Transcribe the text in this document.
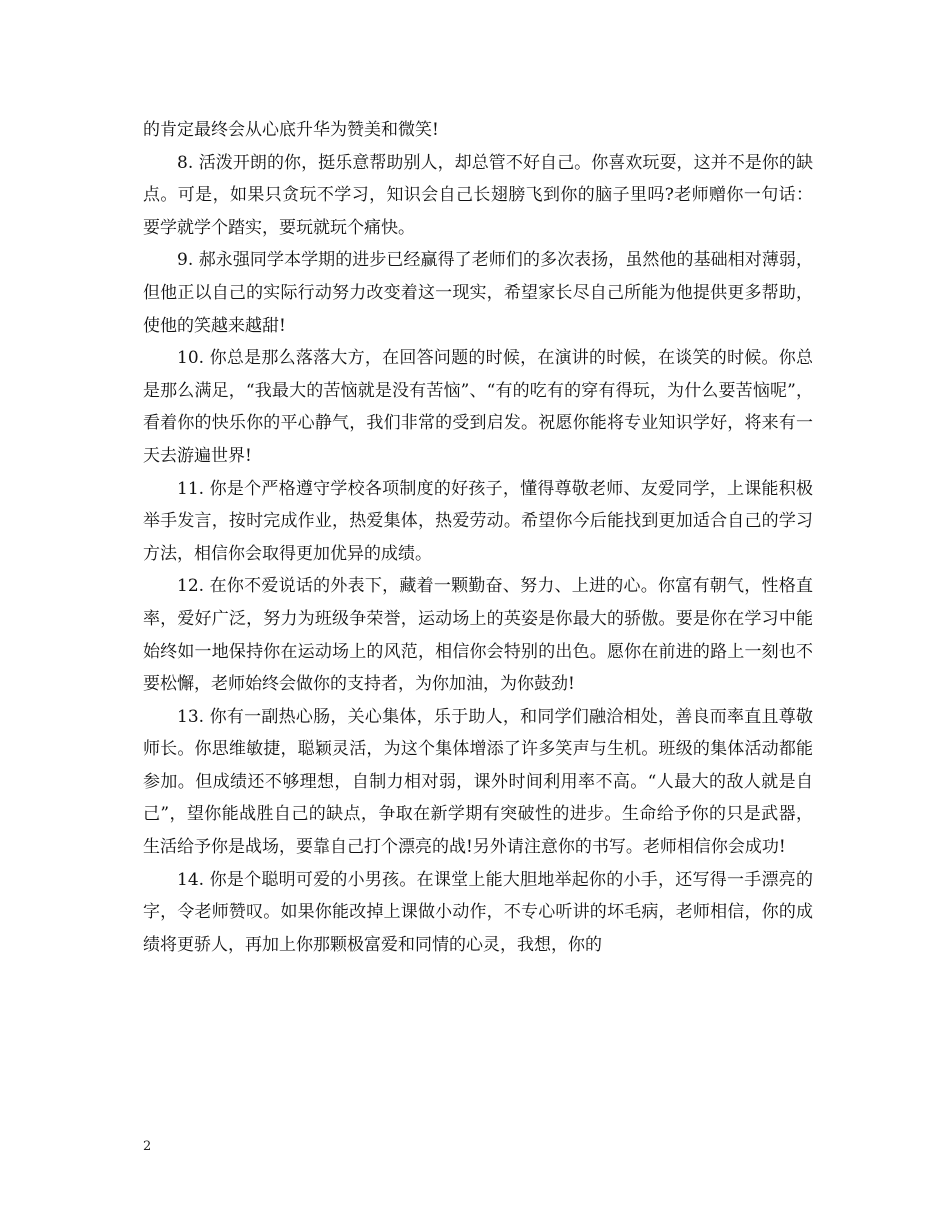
的肯定最终会从心底升华为赞美和微笑!

8. 活泼开朗的你，挺乐意帮助别人，却总管不好自己。你喜欢玩耍，这并不是你的缺点。可是，如果只贪玩不学习，知识会自己长翅膀飞到你的脑子里吗?老师赠你一句话：要学就学个踏实，要玩就玩个痛快。

9. 郝永强同学本学期的进步已经赢得了老师们的多次表扬，虽然他的基础相对薄弱，但他正以自己的实际行动努力改变着这一现实，希望家长尽自己所能为他提供更多帮助，使他的笑越来越甜!

10. 你总是那么落落大方，在回答问题的时候，在演讲的时候，在谈笑的时候。你总是那么满足，“我最大的苦恼就是没有苦恼”、“有的吃有的穿有得玩，为什么要苦恼呢”，看着你的快乐你的平心静气，我们非常的受到启发。祝愿你能将专业知识学好，将来有一天去游遍世界!

11. 你是个严格遵守学校各项制度的好孩子，懂得尊敬老师、友爱同学，上课能积极举手发言，按时完成作业，热爱集体，热爱劳动。希望你今后能找到更加适合自己的学习方法，相信你会取得更加优异的成绩。

12. 在你不爱说话的外表下，藏着一颗勤奋、努力、上进的心。你富有朝气，性格直率，爱好广泛，努力为班级争荣誉，运动场上的英姿是你最大的骄傲。要是你在学习中能始终如一地保持你在运动场上的风范，相信你会特别的出色。愿你在前进的路上一刻也不要松懈，老师始终会做你的支持者，为你加油，为你鼓劲!

13. 你有一副热心肠，关心集体，乐于助人，和同学们融洽相处，善良而率直且尊敬师长。你思维敏捷，聪颖灵活，为这个集体增添了许多笑声与生机。班级的集体活动都能参加。但成绩还不够理想，自制力相对弱，课外时间利用率不高。“人最大的敌人就是自己”，望你能战胜自己的缺点，争取在新学期有突破性的进步。生命给予你的只是武器，生活给予你是战场，要靠自己打个漂亮的战!另外请注意你的书写。老师相信你会成功!

14. 你是个聪明可爱的小男孩。在课堂上能大胆地举起你的小手，还写得一手漂亮的字，令老师赞叹。如果你能改掉上课做小动作，不专心听讲的坏毛病，老师相信，你的成绩将更骄人，再加上你那颗极富爱和同情的心灵，我想，你的

2
